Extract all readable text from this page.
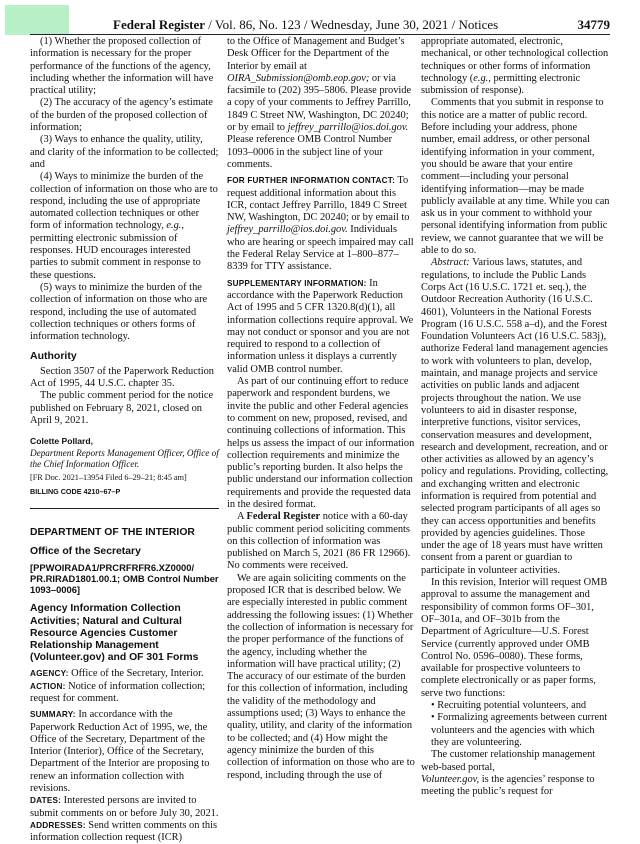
Federal Register / Vol. 86, No. 123 / Wednesday, June 30, 2021 / Notices	34779

(1) Whether the proposed collection of information is necessary for the proper performance of the functions of the agency, including whether the information will have practical utility;

(2) The accuracy of the agency’s estimate of the burden of the proposed collection of information;

(3) Ways to enhance the quality, utility, and clarity of the information to be collected; and

(4) Ways to minimize the burden of the collection of information on those who are to respond, including the use of appropriate automated collection techniques or other form of information technology, e.g., permitting electronic submission of responses. HUD encourages interested parties to submit comment in response to these questions.

(5) ways to minimize the burden of the collection of information on those who are respond, including the use of automated collection techniques or others forms of information technology.

Authority

Section 3507 of the Paperwork Reduction Act of 1995, 44 U.S.C. chapter 35.

The public comment period for the notice published on February 8, 2021, closed on April 9, 2021.

Colette Pollard,
Department Reports Management Officer, Office of the Chief Information Officer.
[FR Doc. 2021–13954 Filed 6–29–21; 8:45 am]
BILLING CODE 4210–67–P
DEPARTMENT OF THE INTERIOR
Office of the Secretary
[PPWOIRADA1/PRCRFRFR6.XZ0000/ PR.RIRAD1801.00.1; OMB Control Number 1093–0006]
Agency Information Collection Activities; Natural and Cultural Resource Agencies Customer Relationship Management (Volunteer.gov) and OF 301 Forms

AGENCY: Office of the Secretary, Interior.

ACTION: Notice of information collection; request for comment.

SUMMARY: In accordance with the Paperwork Reduction Act of 1995, we, the Office of the Secretary, Department of the Interior (Interior), Office of the Secretary, Department of the Interior are proposing to renew an information collection with revisions.

DATES: Interested persons are invited to submit comments on or before July 30, 2021.

ADDRESSES: Send written comments on this information collection request (ICR)

to the Office of Management and Budget’s Desk Officer for the Department of the Interior by email at OIRA_Submission@omb.eop.gov; or via facsimile to (202) 395–5806. Please provide a copy of your comments to Jeffrey Parrillo, 1849 C Street NW, Washington, DC 20240; or by email to jeffrey_parrillo@ios.doi.gov. Please reference OMB Control Number 1093–0006 in the subject line of your comments.

FOR FURTHER INFORMATION CONTACT: To request additional information about this ICR, contact Jeffrey Parrillo, 1849 C Street NW, Washington, DC 20240; or by email to jeffrey_parrillo@ios.doi.gov. Individuals who are hearing or speech impaired may call the Federal Relay Service at 1–800–877–8339 for TTY assistance.

SUPPLEMENTARY INFORMATION: In accordance with the Paperwork Reduction Act of 1995 and 5 CFR 1320.8(d)(1), all information collections require approval. We may not conduct or sponsor and you are not required to respond to a collection of information unless it displays a currently valid OMB control number.

As part of our continuing effort to reduce paperwork and respondent burdens, we invite the public and other Federal agencies to comment on new, proposed, revised, and continuing collections of information. This helps us assess the impact of our information collection requirements and minimize the public’s reporting burden. It also helps the public understand our information collection requirements and provide the requested data in the desired format.

A Federal Register notice with a 60-day public comment period soliciting comments on this collection of information was published on March 5, 2021 (86 FR 12966). No comments were received.

We are again soliciting comments on the proposed ICR that is described below. We are especially interested in public comment addressing the following issues: (1) Whether the collection of information is necessary for the proper performance of the functions of the agency, including whether the information will have practical utility; (2) The accuracy of our estimate of the burden for this collection of information, including the validity of the methodology and assumptions used; (3) Ways to enhance the quality, utility, and clarity of the information to be collected; and (4) How might the agency minimize the burden of this collection of information on those who are to respond, including through the use of

appropriate automated, electronic, mechanical, or other technological collection techniques or other forms of information technology (e.g., permitting electronic submission of response).

Comments that you submit in response to this notice are a matter of public record. Before including your address, phone number, email address, or other personal identifying information in your comment, you should be aware that your entire comment—including your personal identifying information—may be made publicly available at any time. While you can ask us in your comment to withhold your personal identifying information from public review, we cannot guarantee that we will be able to do so.

Abstract: Various laws, statutes, and regulations, to include the Public Lands Corps Act (16 U.S.C. 1721 et. seq.), the Outdoor Recreation Authority (16 U.S.C. 4601), Volunteers in the National Forests Program (16 U.S.C. 558 a–d), and the Forest Foundation Volunteers Act (16 U.S.C. 583j), authorize Federal land management agencies to work with volunteers to plan, develop, maintain, and manage projects and service activities on public lands and adjacent projects throughout the nation. We use volunteers to aid in disaster response, interpretive functions, visitor services, conservation measures and development, research and development, recreation, and or other activities as allowed by an agency’s policy and regulations. Providing, collecting, and exchanging written and electronic information is required from potential and selected program participants of all ages so they can access opportunities and benefits provided by agencies guidelines. Those under the age of 18 years must have written consent from a parent or guardian to participate in volunteer activities.

In this revision, Interior will request OMB approval to assume the management and responsibility of common forms OF–301, OF–301a, and OF–301b from the Department of Agriculture—U.S. Forest Service (currently approved under OMB Control No. 0596–0080). These forms, available for prospective volunteers to complete electronically or as paper forms, serve two functions:

• Recruiting potential volunteers, and

• Formalizing agreements between current volunteers and the agencies with which they are volunteering.

The customer relationship management web-based portal,

Volunteer.gov, is the agencies’ response to meeting the public’s request for
